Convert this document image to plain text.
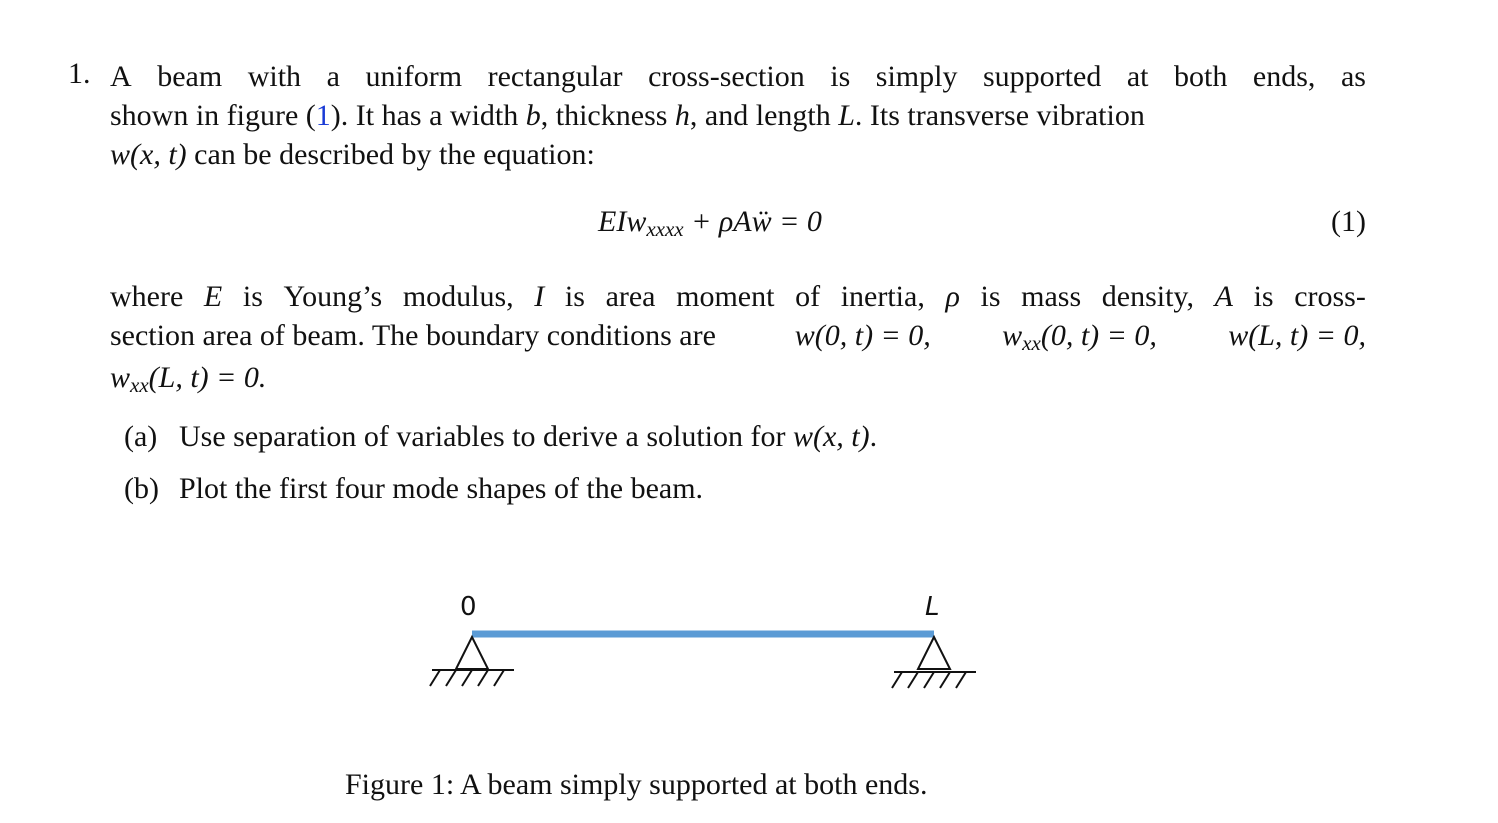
1. A beam with a uniform rectangular cross-section is simply supported at both ends, as
shown in figure (1). It has a width b, thickness h, and length L. Its transverse vibration
w(x, t) can be described by the equation:
EIwxxxx + ρAẅ = 0	(1)
where E is Young’s modulus, I is area moment of inertia, ρ is mass density, A is cross-
section area of beam. The boundary conditions are w(0, t) = 0, wxx(0, t) = 0, w(L, t) = 0,
wxx(L, t) = 0.
(a) Use separation of variables to derive a solution for w(x, t).
(b) Plot the first four mode shapes of the beam.
0	L
Figure 1: A beam simply supported at both ends.
